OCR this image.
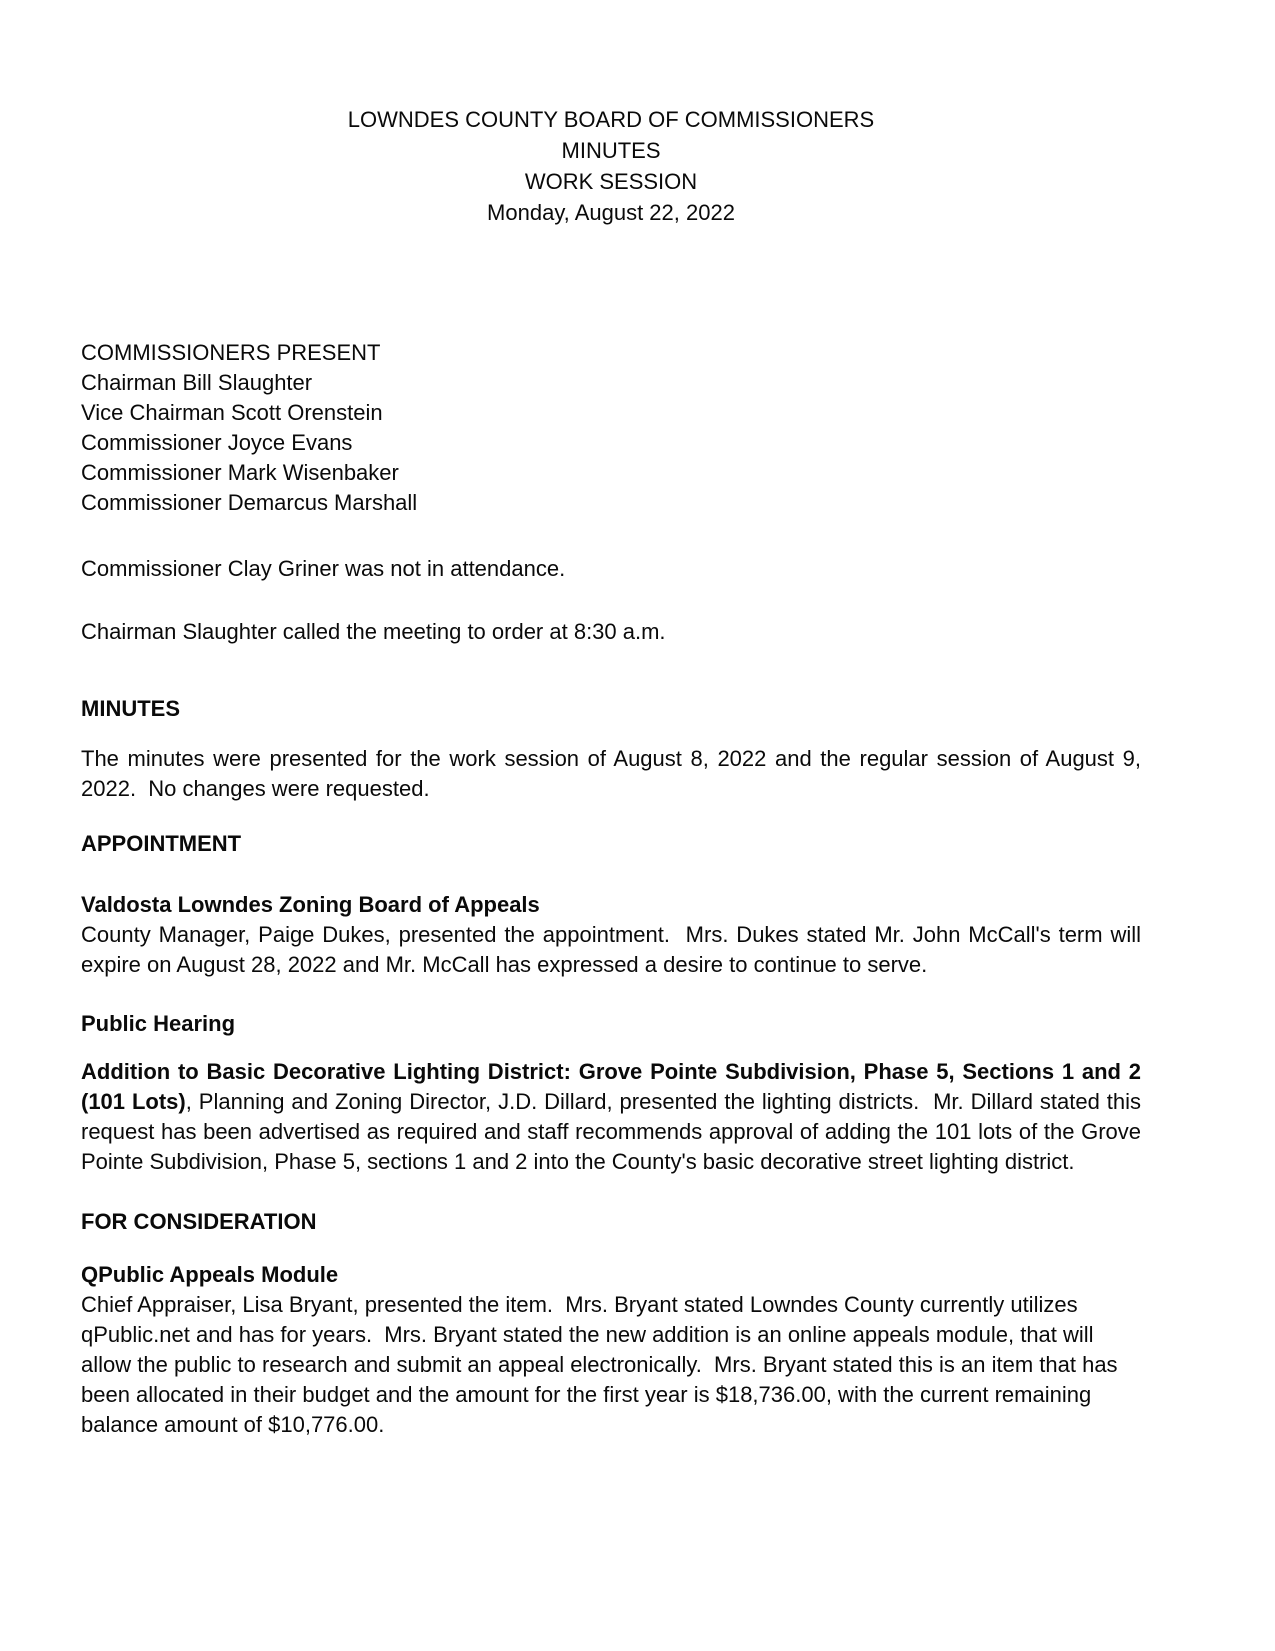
LOWNDES COUNTY BOARD OF COMMISSIONERS
MINUTES
WORK SESSION
Monday, August 22, 2022
COMMISSIONERS PRESENT
Chairman Bill Slaughter
Vice Chairman Scott Orenstein
Commissioner Joyce Evans
Commissioner Mark Wisenbaker
Commissioner Demarcus Marshall

Commissioner Clay Griner was not in attendance.

Chairman Slaughter called the meeting to order at 8:30 a.m.

MINUTES

The minutes were presented for the work session of August 8, 2022 and the regular session of August 9, 2022.  No changes were requested.

APPOINTMENT
Valdosta Lowndes Zoning Board of Appeals

County Manager, Paige Dukes, presented the appointment.  Mrs. Dukes stated Mr. John McCall's term will expire on August 28, 2022 and Mr. McCall has expressed a desire to continue to serve.

Public Hearing

Addition to Basic Decorative Lighting District: Grove Pointe Subdivision, Phase 5, Sections 1 and 2 (101 Lots), Planning and Zoning Director, J.D. Dillard, presented the lighting districts.  Mr. Dillard stated this request has been advertised as required and staff recommends approval of adding the 101 lots of the Grove Pointe Subdivision, Phase 5, sections 1 and 2 into the County's basic decorative street lighting district.

FOR CONSIDERATION
QPublic Appeals Module

Chief Appraiser, Lisa Bryant, presented the item.  Mrs. Bryant stated Lowndes County currently utilizes qPublic.net and has for years.  Mrs. Bryant stated the new addition is an online appeals module, that will allow the public to research and submit an appeal electronically.  Mrs. Bryant stated this is an item that has been allocated in their budget and the amount for the first year is $18,736.00, with the current remaining balance amount of $10,776.00.
